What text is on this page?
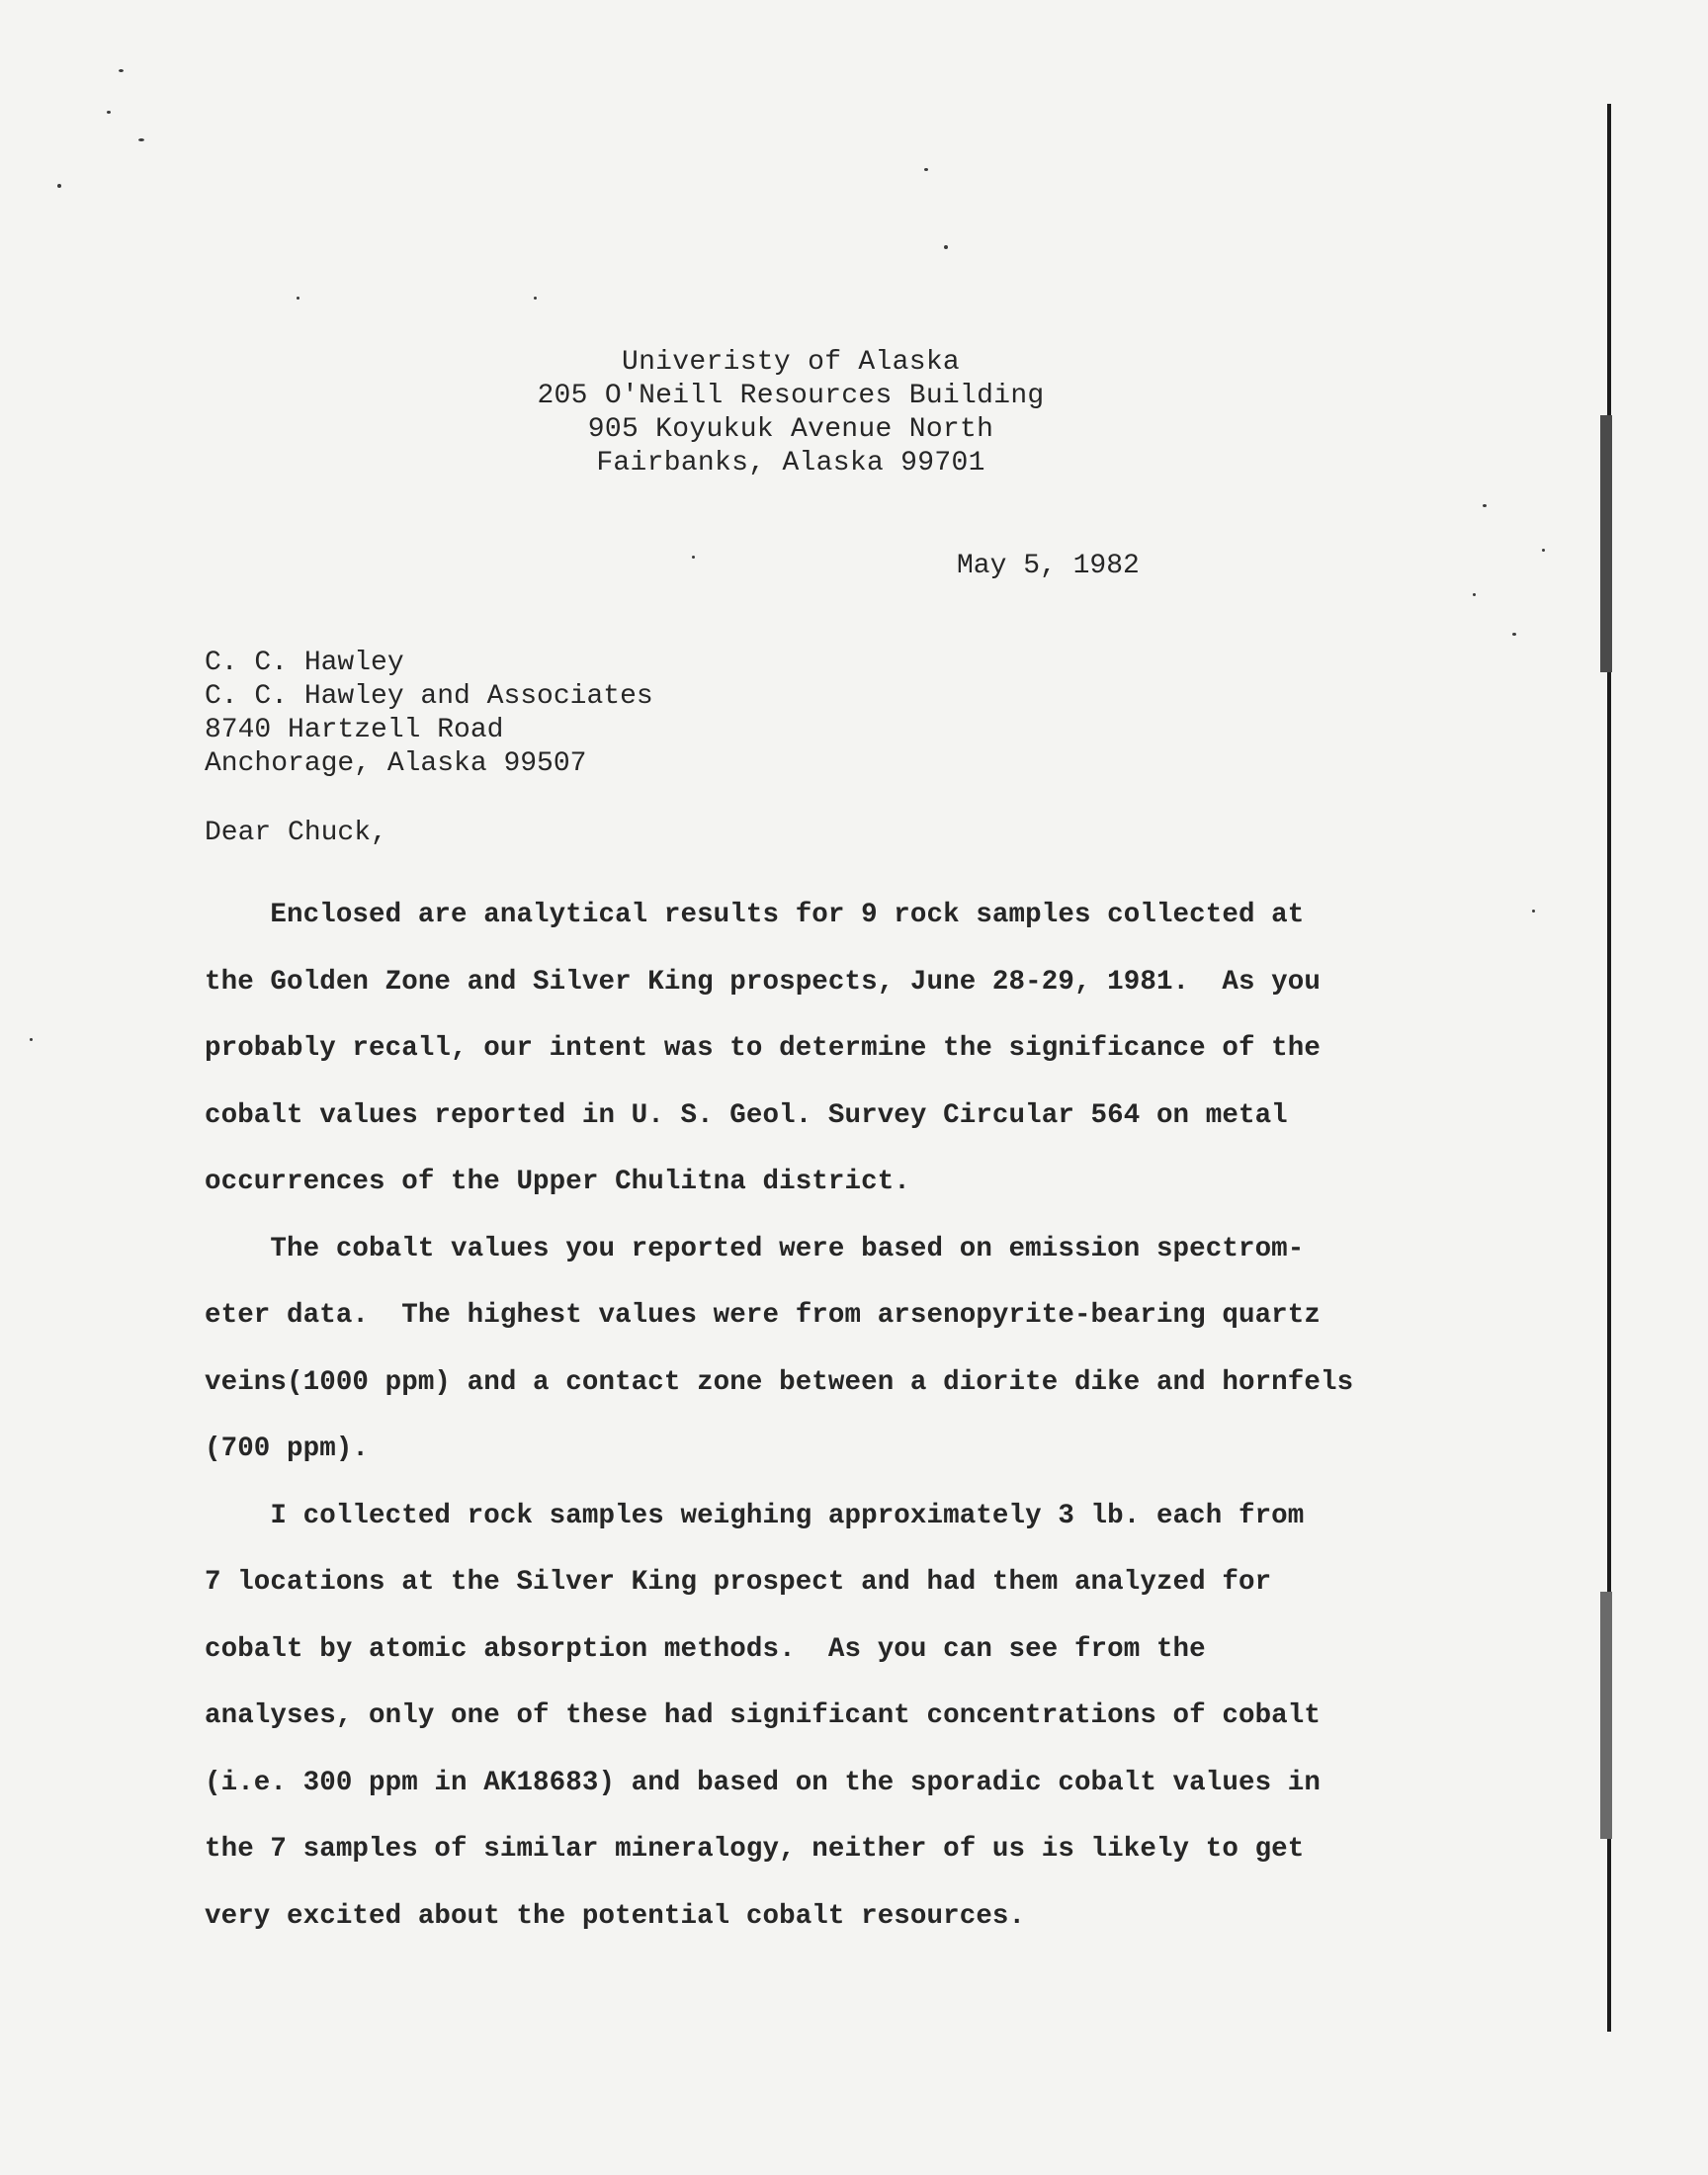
Univeristy of Alaska
205 O'Neill Resources Building
905 Koyukuk Avenue North
Fairbanks, Alaska 99701
May 5, 1982
C. C. Hawley
C. C. Hawley and Associates
8740 Hartzell Road
Anchorage, Alaska 99507
Dear Chuck,
Enclosed are analytical results for 9 rock samples collected at
the Golden Zone and Silver King prospects, June 28-29, 1981.  As you
probably recall, our intent was to determine the significance of the
cobalt values reported in U. S. Geol. Survey Circular 564 on metal
occurrences of the Upper Chulitna district.
The cobalt values you reported were based on emission spectrom-
eter data.  The highest values were from arsenopyrite-bearing quartz
veins(1000 ppm) and a contact zone between a diorite dike and hornfels
(700 ppm).
I collected rock samples weighing approximately 3 lb. each from
7 locations at the Silver King prospect and had them analyzed for
cobalt by atomic absorption methods.  As you can see from the
analyses, only one of these had significant concentrations of cobalt
(i.e. 300 ppm in AK18683) and based on the sporadic cobalt values in
the 7 samples of similar mineralogy, neither of us is likely to get
very excited about the potential cobalt resources.
